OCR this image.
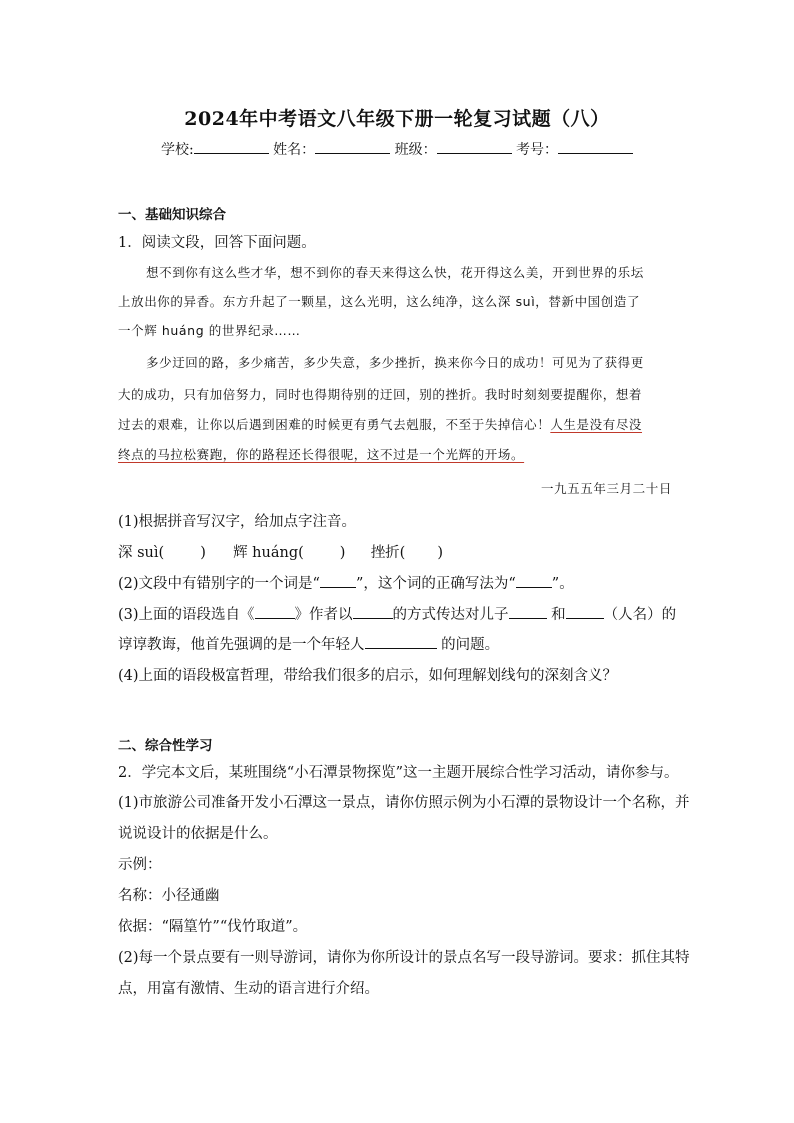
2024年中考语文八年级下册一轮复习试题（八）
学校:	姓名：	班级：	考号：
一、基础知识综合
1．阅读文段，回答下面问题。
想不到你有这么些才华，想不到你的春天来得这么快，花开得这么美，开到世界的乐坛
上放出你的异香。东方升起了一颗星，这么光明，这么纯净，这么深 suì，替新中国创造了
一个辉 huáng 的世界纪录……
多少迂回的路，多少痛苦，多少失意，多少挫折，换来你今日的成功！可见为了获得更
大的成功，只有加倍努力，同时也得期待别的迂回，别的挫折。我时时刻刻要提醒你，想着
过去的艰难，让你以后遇到困难的时候更有勇气去剋服，不至于失掉信心！人生是没有尽没
终点的马拉松赛跑，你的路程还长得很呢，这不过是一个光辉的开场。
一九五五年三月二十日
(1)根据拼音写汉字，给加点字注音。
深 suì( ) 辉 huáng( ) 挫折( )
(2)文段中有错别字的一个词是“ ”，这个词的正确写法为“ ”。
(3)上面的语段选自《	》作者以	的方式传达对儿子	和	（人名）的
谆谆教诲，他首先强调的是一个年轻人	的问题。
(4)上面的语段极富哲理，带给我们很多的启示，如何理解划线句的深刻含义？
二、综合性学习
2．学完本文后，某班围绕“小石潭景物探览”这一主题开展综合性学习活动，请你参与。
(1)市旅游公司准备开发小石潭这一景点，请你仿照示例为小石潭的景物设计一个名称，并
说说设计的依据是什么。
示例：
名称：小径通幽
依据：“隔篁竹”“伐竹取道”。
(2)每一个景点要有一则导游词，请你为你所设计的景点名写一段导游词。要求：抓住其特
点，用富有激情、生动的语言进行介绍。
